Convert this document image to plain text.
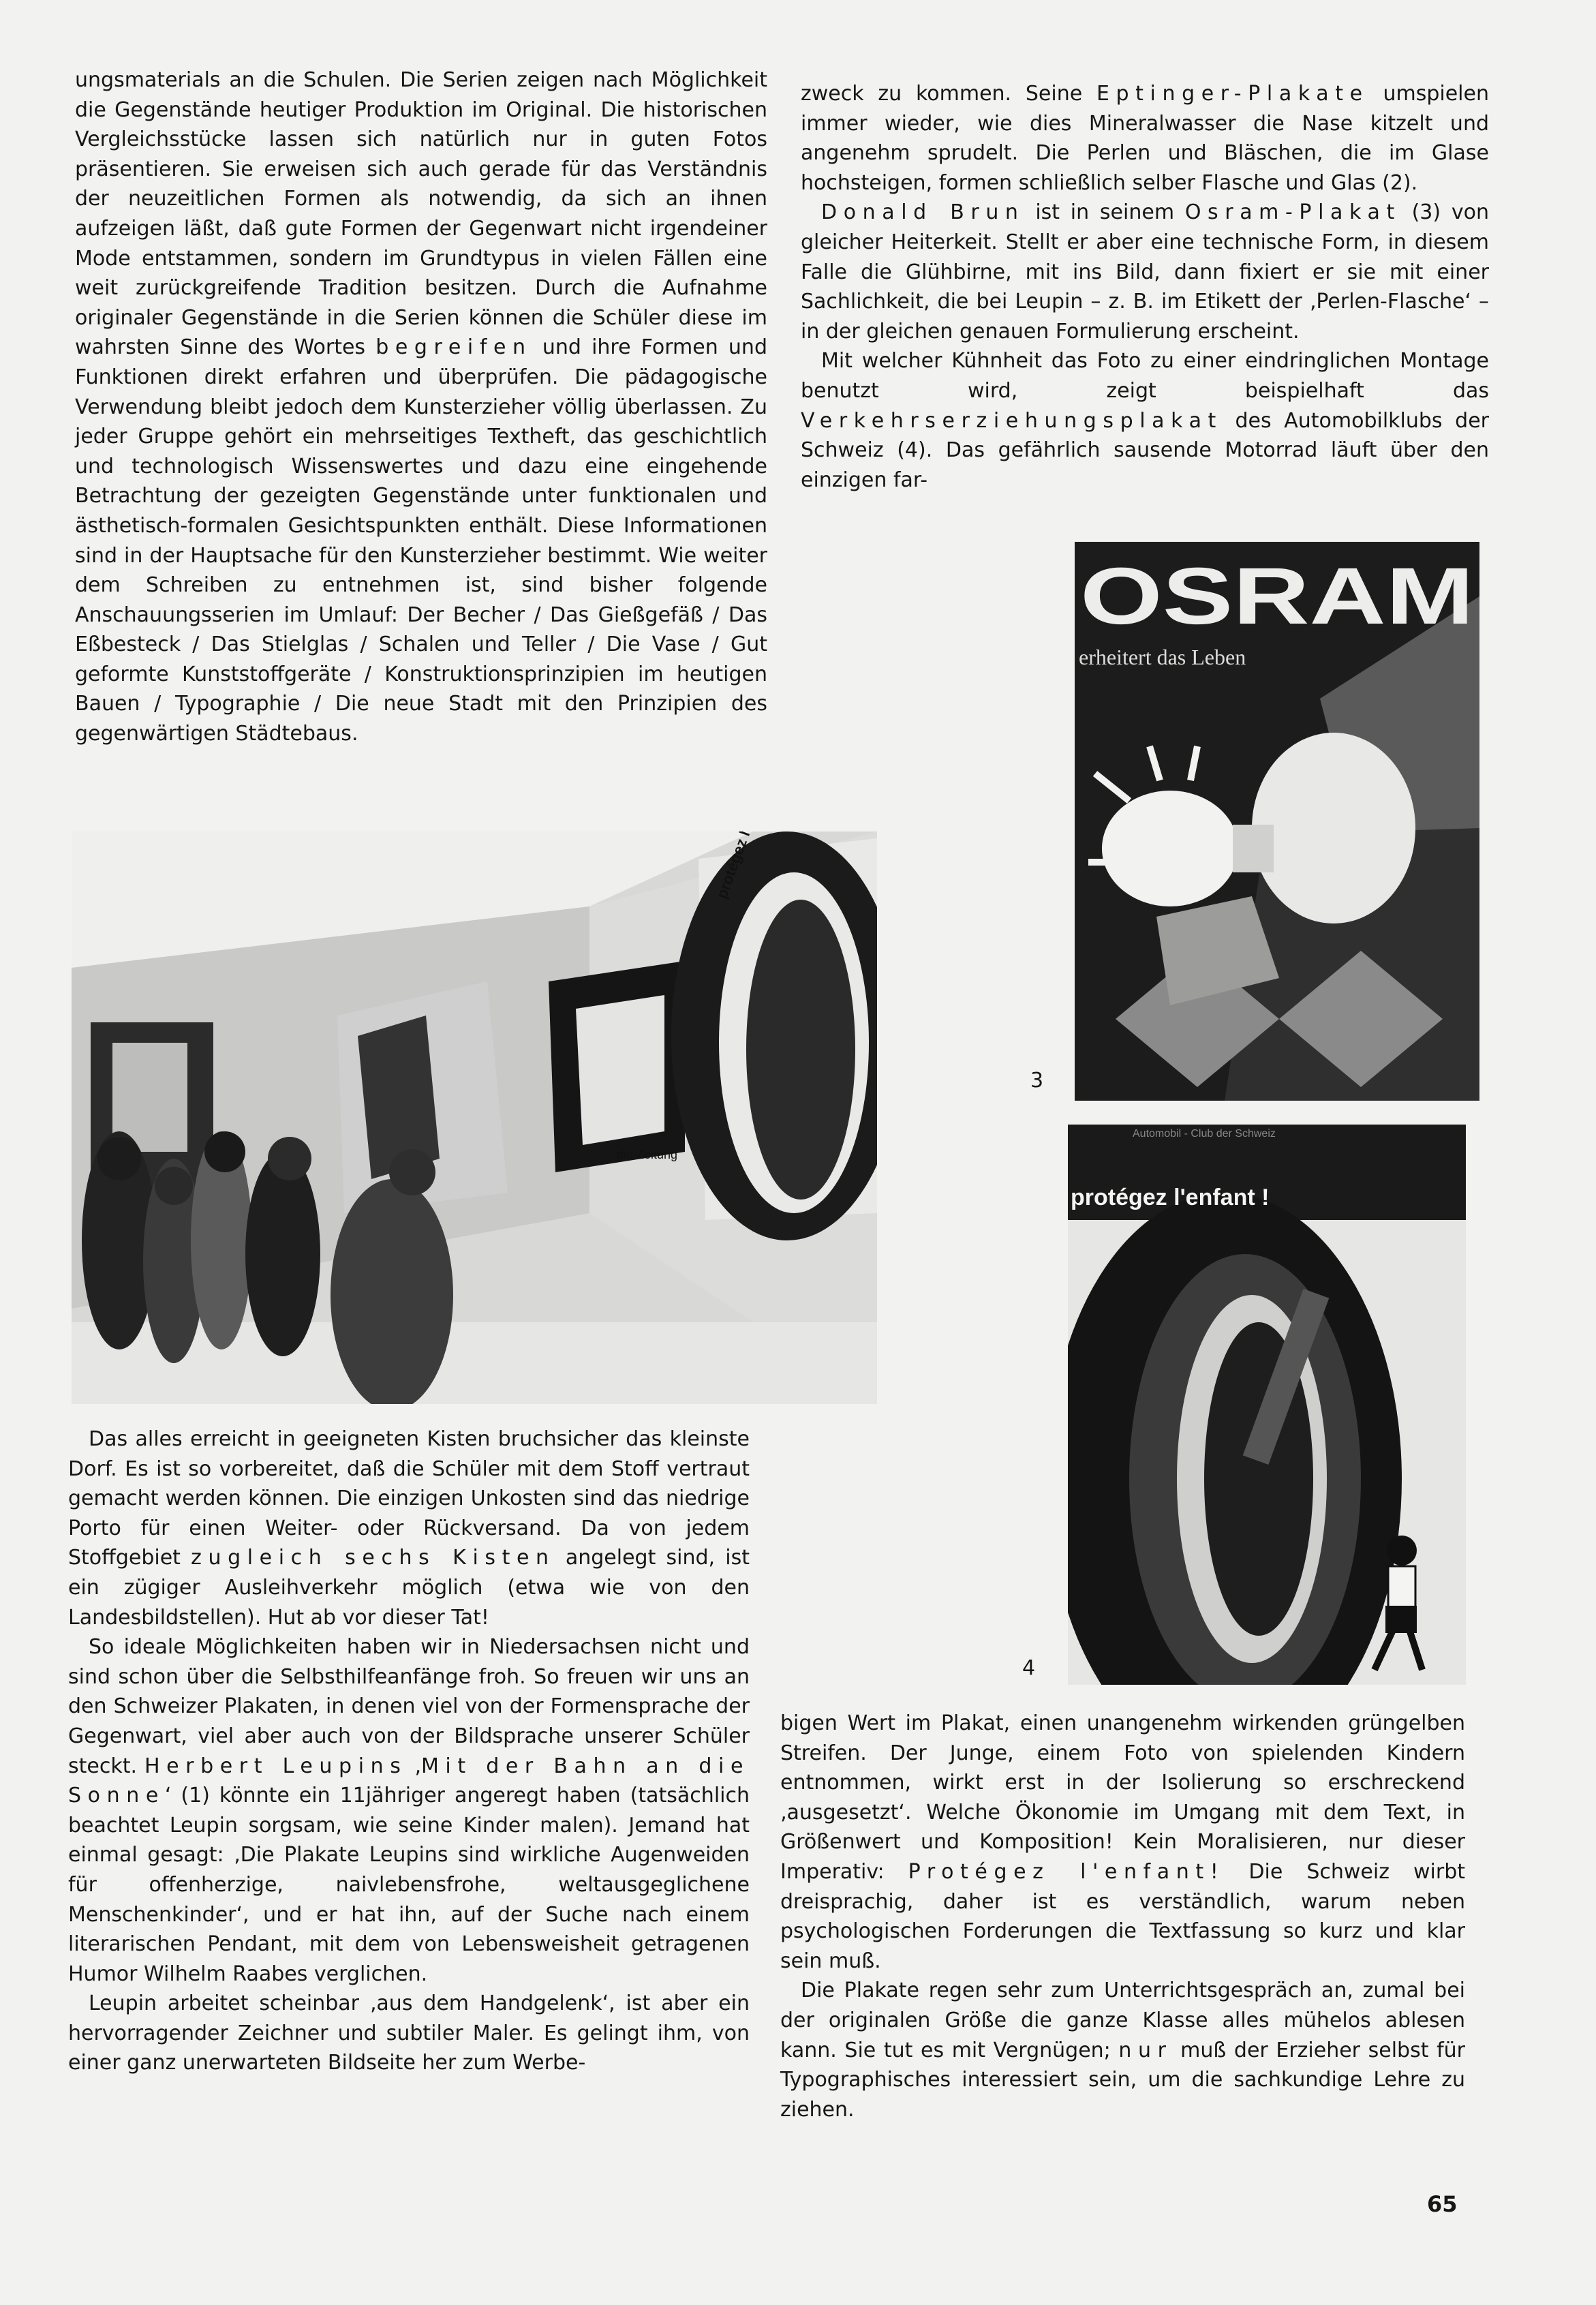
ungsmaterials an die Schulen. Die Serien zeigen nach Möglichkeit die Gegenstände heutiger Produktion im Original. Die historischen Vergleichsstücke lassen sich natürlich nur in guten Fotos präsentieren. Sie erweisen sich auch gerade für das Verständnis der neuzeitlichen Formen als notwendig, da sich an ihnen aufzeigen läßt, daß gute Formen der Gegenwart nicht irgendeiner Mode entstammen, sondern im Grundtypus in vielen Fällen eine weit zurückgreifende Tradition besitzen. Durch die Aufnahme originaler Gegenstände in die Serien können die Schüler diese im wahrsten Sinne des Wortes begreifen und ihre Formen und Funktionen direkt erfahren und überprüfen. Die pädagogische Verwendung bleibt jedoch dem Kunsterzieher völlig überlassen. Zu jeder Gruppe gehört ein mehrseitiges Textheft, das geschichtlich und technologisch Wissenswertes und dazu eine eingehende Betrachtung der gezeigten Gegenstände unter funktionalen und ästhetisch-formalen Gesichtspunkten enthält. Diese Informationen sind in der Hauptsache für den Kunsterzieher bestimmt. Wie weiter dem Schreiben zu entnehmen ist, sind bisher folgende Anschauungsserien im Umlauf: Der Becher / Das Gießgefäß / Das Eßbesteck / Das Stielglas / Schalen und Teller / Die Vase / Gut geformte Kunststoffgeräte / Konstruktionsprinzipien im heutigen Bauen / Typographie / Die neue Stadt mit den Prinzipien des gegenwärtigen Städtebaus.

zweck zu kommen. Seine Eptinger-Plakate umspielen immer wieder, wie dies Mineralwasser die Nase kitzelt und angenehm sprudelt. Die Perlen und Bläschen, die im Glase hochsteigen, formen schließlich selber Flasche und Glas (2).

Donald Brun ist in seinem Osram-Plakat (3) von gleicher Heiterkeit. Stellt er aber eine technische Form, in diesem Falle die Glühbirne, mit ins Bild, dann fixiert er sie mit einer Sachlichkeit, die bei Leupin – z. B. im Etikett der ‚Perlen-Flasche‘ – in der gleichen genauen Formulierung erscheint.

Mit welcher Kühnheit das Foto zu einer eindringlichen Montage benutzt wird, zeigt beispielhaft das Verkehrserziehungsplakat des Automobilklubs der Schweiz (4). Das gefährlich sausende Motorrad läuft über den einzigen far-

die Zeitung
OSRAM
erheitert das Leben
Automobil - Club der Schweiz
protégez l'enfant !
3
4

Das alles erreicht in geeigneten Kisten bruchsicher das kleinste Dorf. Es ist so vorbereitet, daß die Schüler mit dem Stoff vertraut gemacht werden können. Die einzigen Unkosten sind das niedrige Porto für einen Weiter- oder Rückversand. Da von jedem Stoffgebiet zugleich sechs Kisten angelegt sind, ist ein zügiger Ausleihverkehr möglich (etwa wie von den Landesbildstellen). Hut ab vor dieser Tat!

So ideale Möglichkeiten haben wir in Niedersachsen nicht und sind schon über die Selbsthilfeanfänge froh. So freuen wir uns an den Schweizer Plakaten, in denen viel von der Formensprache der Gegenwart, viel aber auch von der Bildsprache unserer Schüler steckt. Herbert Leupins ‚Mit der Bahn an die Sonne‘ (1) könnte ein 11jähriger angeregt haben (tatsächlich beachtet Leupin sorgsam, wie seine Kinder malen). Jemand hat einmal gesagt: ‚Die Plakate Leupins sind wirkliche Augenweiden für offenherzige, naivlebensfrohe, weltausgeglichene Menschenkinder‘, und er hat ihn, auf der Suche nach einem literarischen Pendant, mit dem von Lebensweisheit getragenen Humor Wilhelm Raabes verglichen.

Leupin arbeitet scheinbar ‚aus dem Handgelenk‘, ist aber ein hervorragender Zeichner und subtiler Maler. Es gelingt ihm, von einer ganz unerwarteten Bildseite her zum Werbe-

bigen Wert im Plakat, einen unangenehm wirkenden grüngelben Streifen. Der Junge, einem Foto von spielenden Kindern entnommen, wirkt erst in der Isolierung so erschreckend ‚ausgesetzt‘. Welche Ökonomie im Umgang mit dem Text, in Größenwert und Komposition! Kein Moralisieren, nur dieser Imperativ: Protégez l'enfant! Die Schweiz wirbt dreisprachig, daher ist es verständlich, warum neben psychologischen Forderungen die Textfassung so kurz und klar sein muß.

Die Plakate regen sehr zum Unterrichtsgespräch an, zumal bei der originalen Größe die ganze Klasse alles mühelos ablesen kann. Sie tut es mit Vergnügen; nur muß der Erzieher selbst für Typographisches interessiert sein, um die sachkundige Lehre zu ziehen.

65
